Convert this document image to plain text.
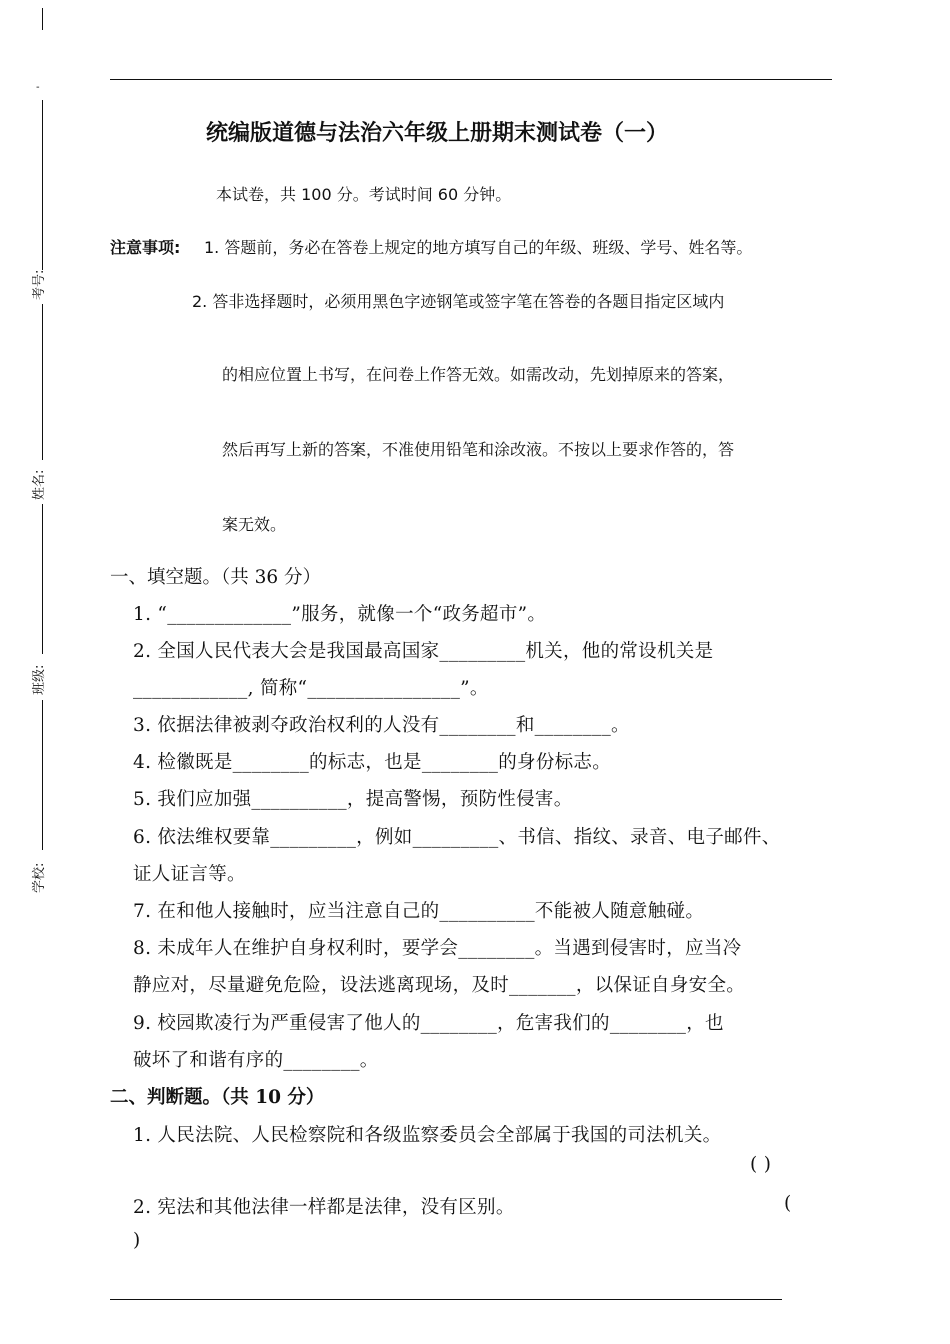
-
考号:
姓名:
班级:
学校:
统编版道德与法治六年级上册期末测试卷（一）
本试卷，共 100 分。考试时间 60 分钟。
注意事项: 1. 答题前，务必在答卷上规定的地方填写自己的年级、班级、学号、姓名等。
2. 答非选择题时，必须用黑色字迹钢笔或签字笔在答卷的各题目指定区域内
的相应位置上书写，在问卷上作答无效。如需改动，先划掉原来的答案，
然后再写上新的答案，不准使用铅笔和涂改液。不按以上要求作答的，答
案无效。
一、填空题。（共 36 分）
1. “_____________”服务，就像一个“政务超市”。
2. 全国人民代表大会是我国最高国家_________机关，他的常设机关是
____________, 简称“________________”。
3. 依据法律被剥夺政治权利的人没有________和________。
4. 检徽既是________的标志，也是________的身份标志。
5. 我们应加强__________，提高警惕，预防性侵害。
6. 依法维权要靠_________，例如_________、书信、指纹、录音、电子邮件、
证人证言等。
7. 在和他人接触时，应当注意自己的__________不能被人随意触碰。
8. 未成年人在维护自身权利时，要学会________。当遇到侵害时，应当冷
静应对，尽量避免危险，设法逃离现场，及时_______，以保证自身安全。
9. 校园欺凌行为严重侵害了他人的________，危害我们的________，也
破坏了和谐有序的________。
二、判断题。（共 10 分）
1. 人民法院、人民检察院和各级监察委员会全部属于我国的司法机关。
( )
2. 宪法和其他法律一样都是法律，没有区别。	(
)
